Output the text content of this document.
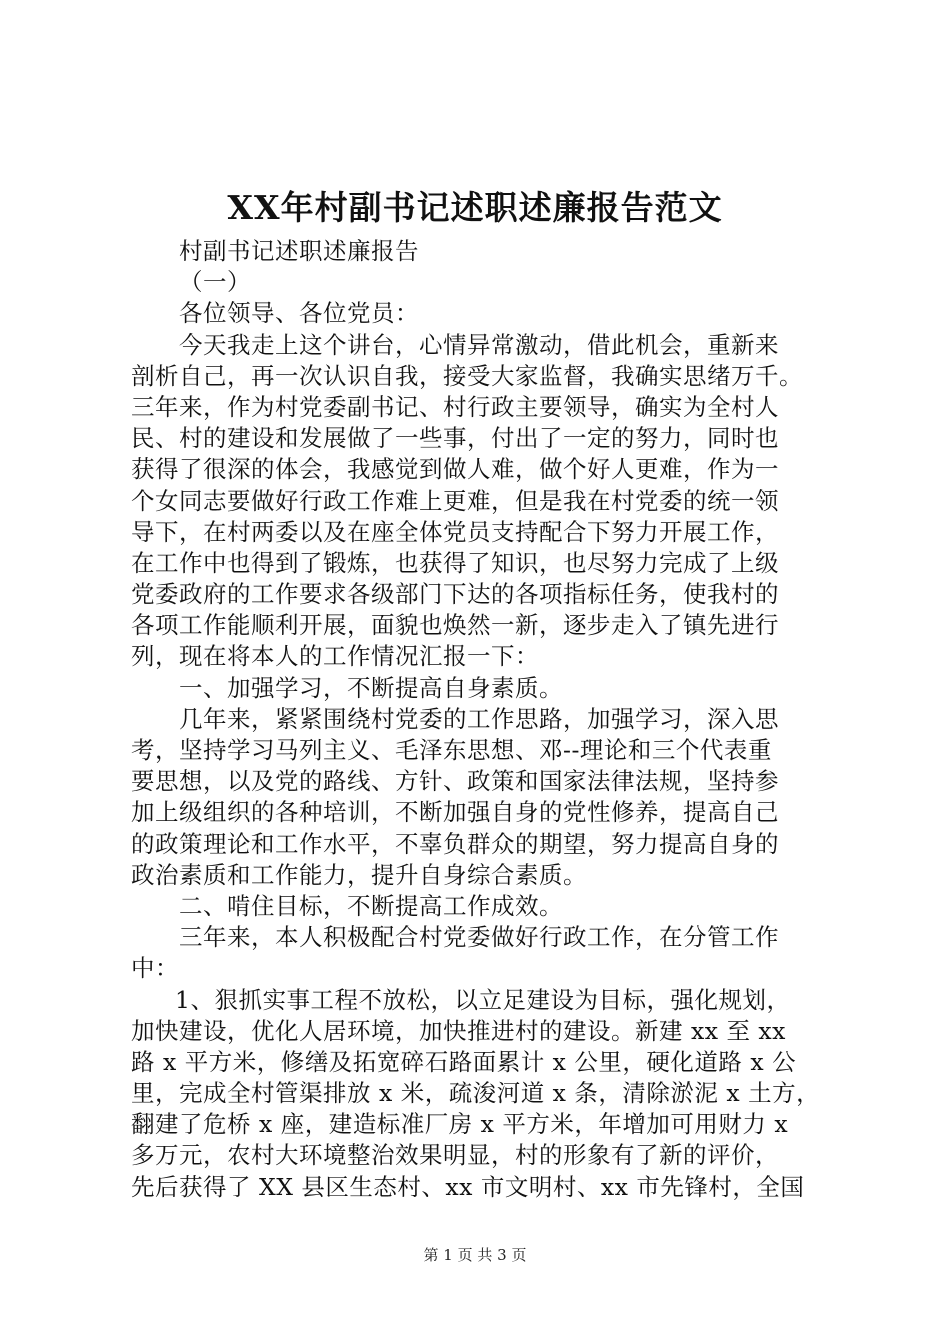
XX年村副书记述职述廉报告范文
村副书记述职述廉报告
（一）
各位领导、各位党员：
今天我走上这个讲台，心情异常激动，借此机会，重新来
剖析自己，再一次认识自我，接受大家监督，我确实思绪万千。
三年来，作为村党委副书记、村行政主要领导，确实为全村人
民、村的建设和发展做了一些事，付出了一定的努力，同时也
获得了很深的体会，我感觉到做人难，做个好人更难，作为一
个女同志要做好行政工作难上更难，但是我在村党委的统一领
导下，在村两委以及在座全体党员支持配合下努力开展工作，
在工作中也得到了锻炼，也获得了知识，也尽努力完成了上级
党委政府的工作要求各级部门下达的各项指标任务，使我村的
各项工作能顺利开展，面貌也焕然一新，逐步走入了镇先进行
列，现在将本人的工作情况汇报一下：
一、加强学习，不断提高自身素质。
几年来，紧紧围绕村党委的工作思路，加强学习，深入思
考，坚持学习马列主义、毛泽东思想、邓--理论和三个代表重
要思想，以及党的路线、方针、政策和国家法律法规，坚持参
加上级组织的各种培训，不断加强自身的党性修养，提高自己
的政策理论和工作水平，不辜负群众的期望，努力提高自身的
政治素质和工作能力，提升自身综合素质。
二、啃住目标，不断提高工作成效。
三年来，本人积极配合村党委做好行政工作，在分管工作
中：
1、狠抓实事工程不放松，以立足建设为目标，强化规划，
加快建设，优化人居环境，加快推进村的建设。新建 xx 至 xx
路 x 平方米，修缮及拓宽碎石路面累计 x 公里，硬化道路 x 公
里，完成全村管渠排放 x 米，疏浚河道 x 条，清除淤泥 x 土方，
翻建了危桥 x 座，建造标准厂房 x 平方米，年增加可用财力 x
多万元，农村大环境整治效果明显，村的形象有了新的评价，
先后获得了 XX 县区生态村、xx 市文明村、xx 市先锋村，全国
第 1 页 共 3 页
